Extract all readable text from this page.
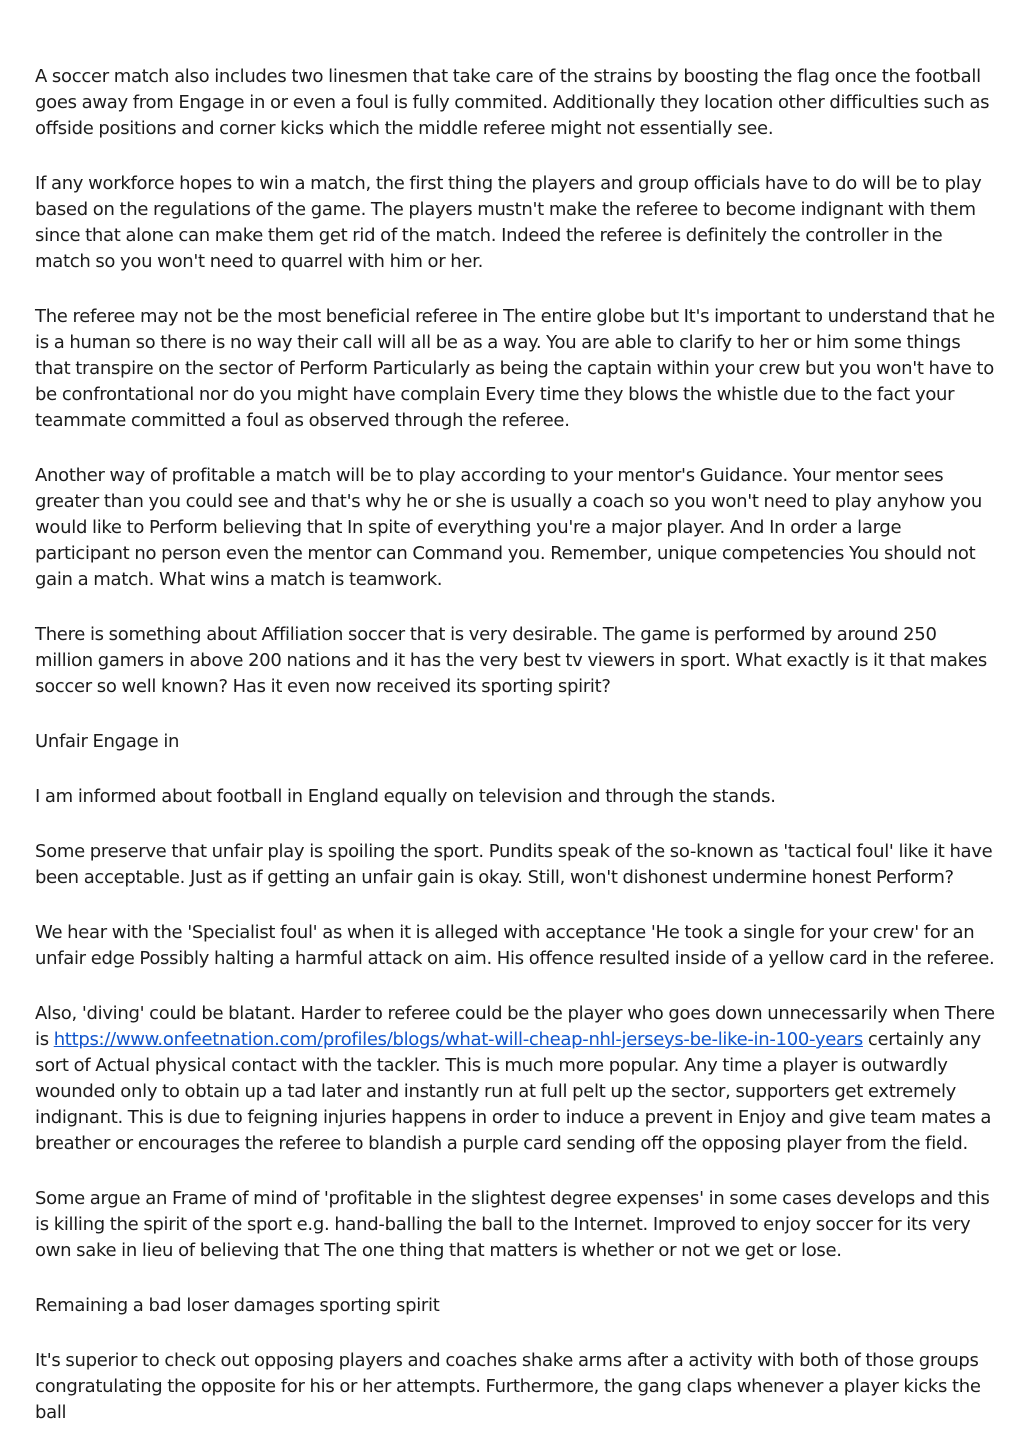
A soccer match also includes two linesmen that take care of the strains by boosting the flag once the football goes away from Engage in or even a foul is fully commited. Additionally they location other difficulties such as offside positions and corner kicks which the middle referee might not essentially see.

If any workforce hopes to win a match, the first thing the players and group officials have to do will be to play based on the regulations of the game. The players mustn't make the referee to become indignant with them since that alone can make them get rid of the match. Indeed the referee is definitely the controller in the match so you won't need to quarrel with him or her.

The referee may not be the most beneficial referee in The entire globe but It's important to understand that he is a human so there is no way their call will all be as a way. You are able to clarify to her or him some things that transpire on the sector of Perform Particularly as being the captain within your crew but you won't have to be confrontational nor do you might have complain Every time they blows the whistle due to the fact your teammate committed a foul as observed through the referee.

Another way of profitable a match will be to play according to your mentor's Guidance. Your mentor sees greater than you could see and that's why he or she is usually a coach so you won't need to play anyhow you would like to Perform believing that In spite of everything you're a major player. And In order a large participant no person even the mentor can Command you. Remember, unique competencies You should not gain a match. What wins a match is teamwork.

There is something about Affiliation soccer that is very desirable. The game is performed by around 250 million gamers in above 200 nations and it has the very best tv viewers in sport. What exactly is it that makes soccer so well known? Has it even now received its sporting spirit?

Unfair Engage in

I am informed about football in England equally on television and through the stands.

Some preserve that unfair play is spoiling the sport. Pundits speak of the so-known as 'tactical foul' like it have been acceptable. Just as if getting an unfair gain is okay. Still, won't dishonest undermine honest Perform?

We hear with the 'Specialist foul' as when it is alleged with acceptance 'He took a single for your crew' for an unfair edge Possibly halting a harmful attack on aim. His offence resulted inside of a yellow card in the referee.

Also, 'diving' could be blatant. Harder to referee could be the player who goes down unnecessarily when There is https://www.onfeetnation.com/profiles/blogs/what-will-cheap-nhl-jerseys-be-like-in-100-years certainly any sort of Actual physical contact with the tackler. This is much more popular. Any time a player is outwardly wounded only to obtain up a tad later and instantly run at full pelt up the sector, supporters get extremely indignant. This is due to feigning injuries happens in order to induce a prevent in Enjoy and give team mates a breather or encourages the referee to blandish a purple card sending off the opposing player from the field.

Some argue an Frame of mind of 'profitable in the slightest degree expenses' in some cases develops and this is killing the spirit of the sport e.g. hand-balling the ball to the Internet. Improved to enjoy soccer for its very own sake in lieu of believing that The one thing that matters is whether or not we get or lose.

Remaining a bad loser damages sporting spirit

It's superior to check out opposing players and coaches shake arms after a activity with both of those groups congratulating the opposite for his or her attempts. Furthermore, the gang claps whenever a player kicks the ball
